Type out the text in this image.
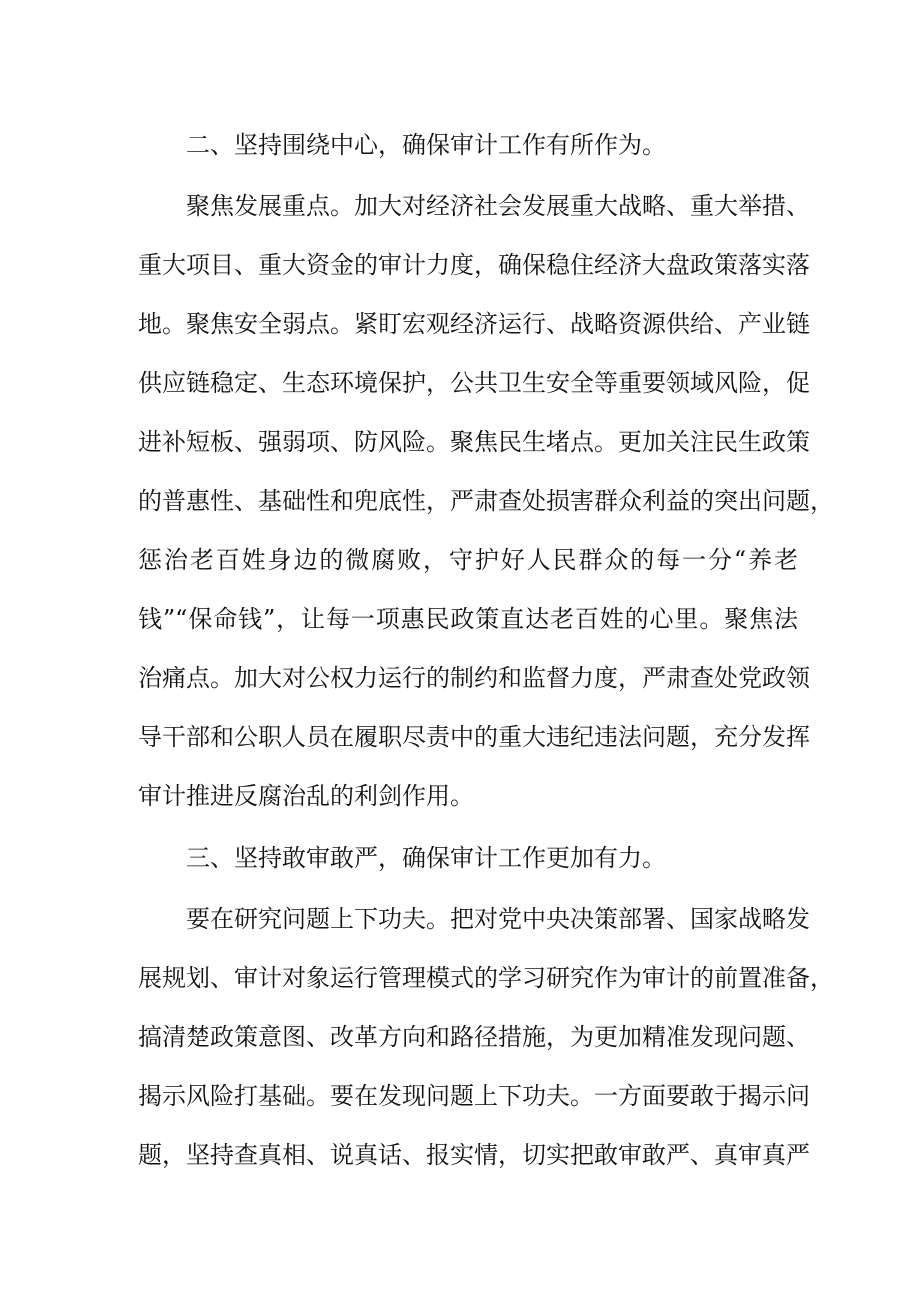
二、坚持围绕中心，确保审计工作有所作为。
聚焦发展重点。加大对经济社会发展重大战略、重大举措、
重大项目、重大资金的审计力度，确保稳住经济大盘政策落实落
地。聚焦安全弱点。紧盯宏观经济运行、战略资源供给、产业链
供应链稳定、生态环境保护，公共卫生安全等重要领域风险，促
进补短板、强弱项、防风险。聚焦民生堵点。更加关注民生政策
的普惠性、基础性和兜底性，严肃查处损害群众利益的突出问题，
惩治老百姓身边的微腐败，守护好人民群众的每一分“养老
钱”“保命钱”，让每一项惠民政策直达老百姓的心里。聚焦法
治痛点。加大对公权力运行的制约和监督力度，严肃查处党政领
导干部和公职人员在履职尽责中的重大违纪违法问题，充分发挥
审计推进反腐治乱的利剑作用。
三、坚持敢审敢严，确保审计工作更加有力。
要在研究问题上下功夫。把对党中央决策部署、国家战略发
展规划、审计对象运行管理模式的学习研究作为审计的前置准备，
搞清楚政策意图、改革方向和路径措施，为更加精准发现问题、
揭示风险打基础。要在发现问题上下功夫。一方面要敢于揭示问
题，坚持查真相、说真话、报实情，切实把敢审敢严、真审真严
